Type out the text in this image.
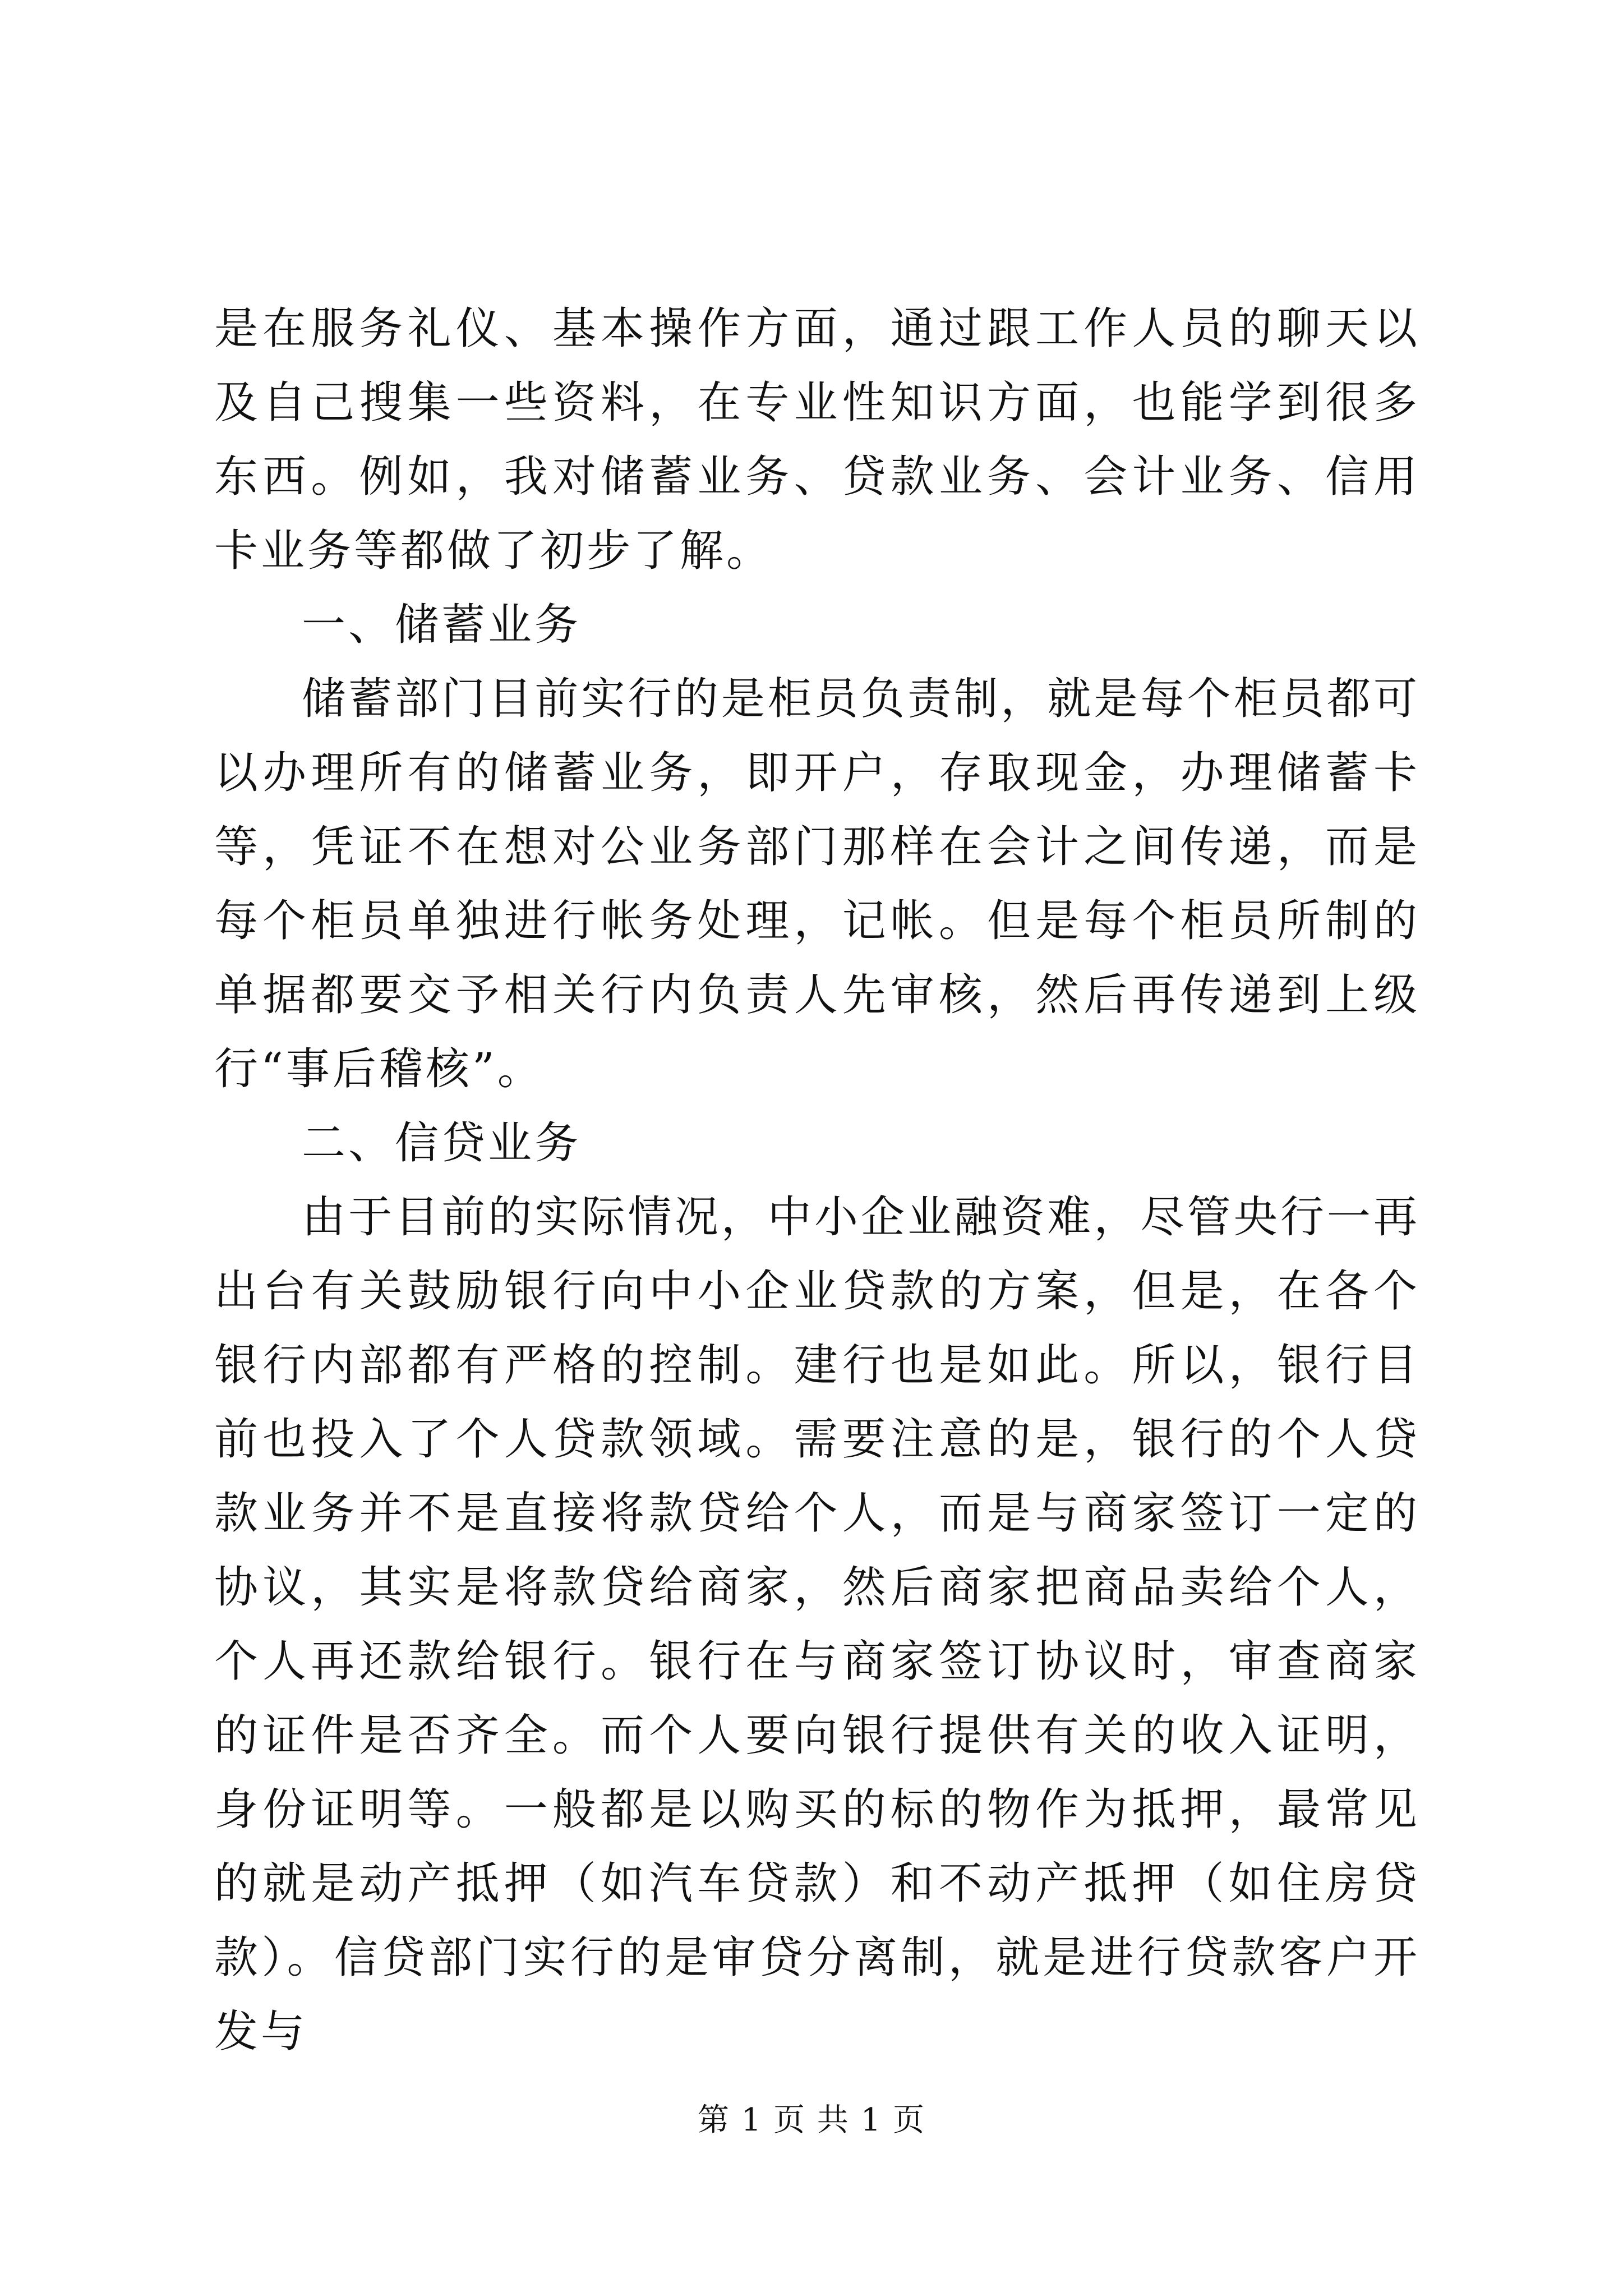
是在服务礼仪、基本操作方面，通过跟工作人员的聊天以及自己搜集一些资料，在专业性知识方面，也能学到很多东西。例如，我对储蓄业务、贷款业务、会计业务、信用卡业务等都做了初步了解。

一、储蓄业务

储蓄部门目前实行的是柜员负责制，就是每个柜员都可以办理所有的储蓄业务，即开户，存取现金，办理储蓄卡等，凭证不在想对公业务部门那样在会计之间传递，而是每个柜员单独进行帐务处理，记帐。但是每个柜员所制的单据都要交予相关行内负责人先审核，然后再传递到上级行“事后稽核”。

二、信贷业务

由于目前的实际情况，中小企业融资难，尽管央行一再出台有关鼓励银行向中小企业贷款的方案，但是，在各个银行内部都有严格的控制。建行也是如此。所以，银行目前也投入了个人贷款领域。需要注意的是，银行的个人贷款业务并不是直接将款贷给个人，而是与商家签订一定的协议，其实是将款贷给商家，然后商家把商品卖给个人，个人再还款给银行。银行在与商家签订协议时，审查商家的证件是否齐全。而个人要向银行提供有关的收入证明，身份证明等。一般都是以购买的标的物作为抵押，最常见的就是动产抵押（如汽车贷款）和不动产抵押（如住房贷款）。信贷部门实行的是审贷分离制，就是进行贷款客户开发与

第 1 页 共 1 页
